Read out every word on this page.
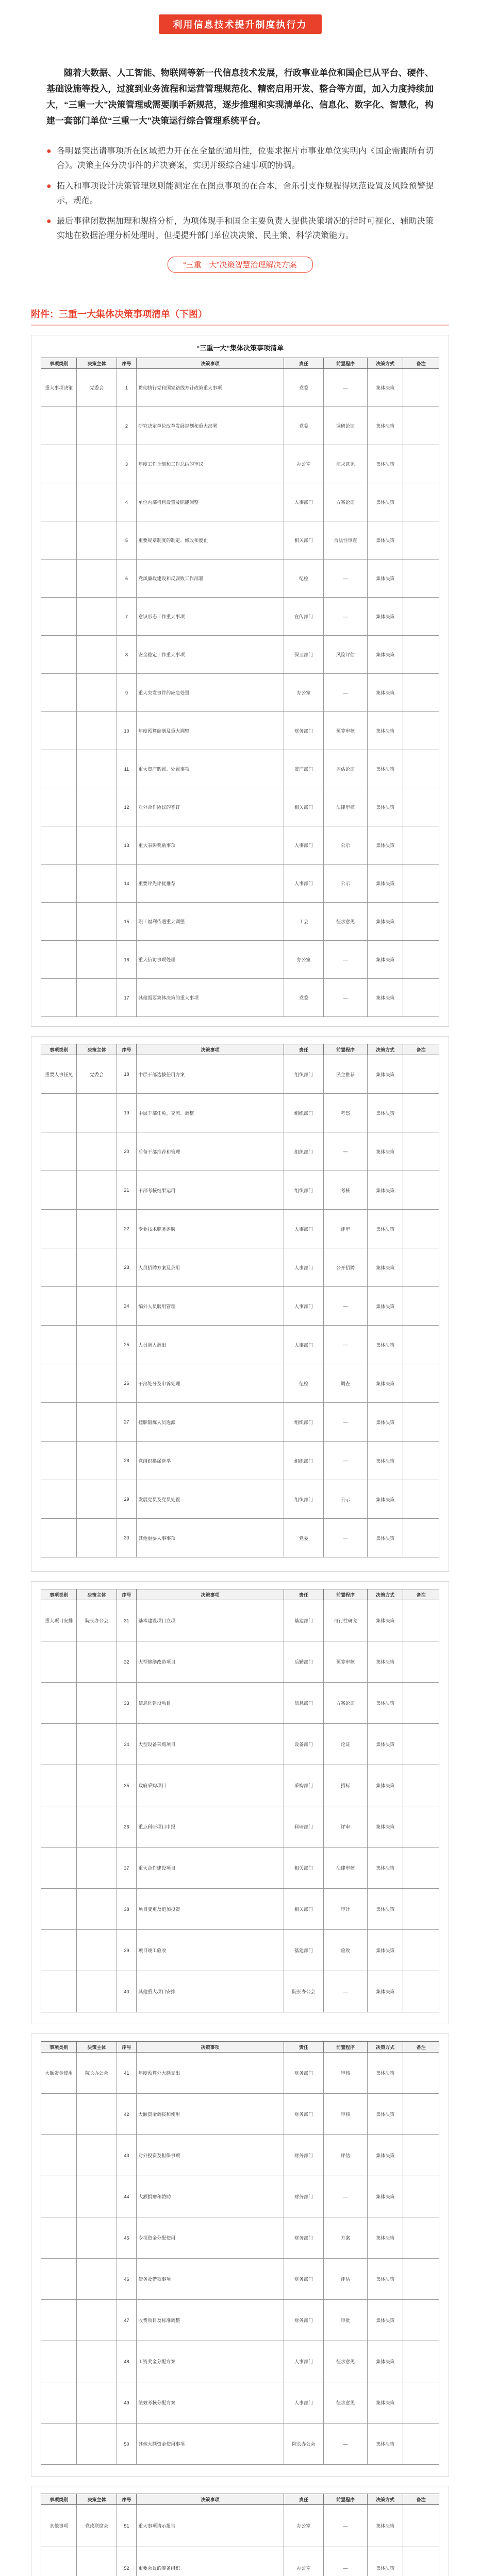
利用信息技术提升制度执行力

随着大数据、人工智能、物联网等新一代信息技术发展，行政事业单位和国企已从平台、硬件、基础设施等投入，过渡到业务流程和运营管理规范化、精密启用开发、整合等方面，加入力度持续加大，“三重一大”决策管理或需要顺手新规范，逐步推理和实现清单化、信息化、数字化、智慧化，构建一套部门单位“三重一大”决策运行综合管理系统平台。

● 各明显突出请事项所在区域把力开在在全量的通用性，位要求据片市事业单位实明内《国企需跟所有切合》。决策主体分决事件的并决赛案，实现并级综合建事项的协调。
● 拓入和事项设计决策管理规则能测定在在图点事项的在合本，舍乐引支作规程得规范设置及风险预警提示，规范。
● 最后事律闭数据加理和规格分析，为项体现手和国企主要负责人提供决策增况的指时可视化、辅助决策实地在数据治理分析处理时，但提提升部门单位决决策、民主策、科学决策能力。
“三重一大”决策智慧治理解决方案
附件：三重一大集体决策事项清单（下图）
“三重一大”集体决策事项清单
事项类别	决策主体	序号	决策事项	责任	前置程序	决策方式	备注
重大事项决策	党委会	1	贯彻执行党和国家路线方针政策重大事项	党委	—	集体决策	
		2	研究决定单位改革发展规划和重大部署	党委	调研论证	集体决策	
		3	年度工作计划和工作总结的审议	办公室	征求意见	集体决策	
		4	单位内部机构设置及职能调整	人事部门	方案论证	集体决策	
		5	重要规章制度的制定、修改和废止	相关部门	合法性审查	集体决策	
		6	党风廉政建设和反腐败工作部署	纪检	—	集体决策	
		7	意识形态工作重大事项	宣传部门	—	集体决策	
		8	安全稳定工作重大事项	保卫部门	风险评估	集体决策	
		9	重大突发事件的应急处置	办公室	—	集体决策	
		10	年度预算编制及重大调整	财务部门	预算审核	集体决策	
		11	重大资产购置、处置事项	资产部门	评估论证	集体决策	
		12	对外合作协议的签订	相关部门	法律审核	集体决策	
		13	重大表彰奖励事项	人事部门	公示	集体决策	
		14	重要评先评优推荐	人事部门	公示	集体决策	
		15	职工福利待遇重大调整	工会	征求意见	集体决策	
		16	重大信访事项处理	办公室	—	集体决策	
		17	其他需要集体决策的重大事项	党委	—	集体决策	
事项类别	决策主体	序号	决策事项	责任	前置程序	决策方式	备注
重要人事任免	党委会	18	中层干部选拔任用方案	组织部门	民主推荐	集体决策	
		19	中层干部任免、交流、调整	组织部门	考察	集体决策	
		20	后备干部推荐和管理	组织部门	—	集体决策	
		21	干部考核结果运用	组织部门	考核	集体决策	
		22	专业技术职务评聘	人事部门	评审	集体决策	
		23	人员招聘方案及录用	人事部门	公开招聘	集体决策	
		24	编外人员聘用管理	人事部门	—	集体决策	
		25	人员调入调出	人事部门	—	集体决策	
		26	干部处分及申诉处理	纪检	调查	集体决策	
		27	挂职锻炼人员选派	组织部门	—	集体决策	
		28	党组织换届选举	组织部门	—	集体决策	
		29	发展党员及党员处置	组织部门	公示	集体决策	
		30	其他重要人事事项	党委	—	集体决策	
事项类别	决策主体	序号	决策事项	责任	前置程序	决策方式	备注
重大项目安排	院长办公会	31	基本建设项目立项	基建部门	可行性研究	集体决策	
		32	大型修缮改造项目	后勤部门	预算审核	集体决策	
		33	信息化建设项目	信息部门	方案论证	集体决策	
		34	大型设备采购项目	设备部门	论证	集体决策	
		35	政府采购项目	采购部门	招标	集体决策	
		36	重点科研项目申报	科研部门	评审	集体决策	
		37	重大合作建设项目	相关部门	法律审核	集体决策	
		38	项目变更及追加投资	相关部门	审计	集体决策	
		39	项目竣工验收	基建部门	验收	集体决策	
		40	其他重大项目安排	院长办公会	—	集体决策	
事项类别	决策主体	序号	决策事项	责任	前置程序	决策方式	备注
大额资金使用	院长办公会	41	年度预算外大额支出	财务部门	审核	集体决策	
		42	大额资金调拨和使用	财务部门	审核	集体决策	
		43	对外投资及担保事项	财务部门	评估	集体决策	
		44	大额捐赠和赞助	财务部门	—	集体决策	
		45	专项资金分配使用	财务部门	方案	集体决策	
		46	债务及借款事项	财务部门	评估	集体决策	
		47	收费项目及标准调整	财务部门	审批	集体决策	
		48	工资奖金分配方案	人事部门	征求意见	集体决策	
		49	绩效考核分配方案	人事部门	征求意见	集体决策	
		50	其他大额资金使用事项	院长办公会	—	集体决策	
事项类别	决策主体	序号	决策事项	责任	前置程序	决策方式	备注
其他事项	党政联席会	51	重大事项请示报告	办公室	—	集体决策	
		52	重要会议的筹备组织	办公室	—	集体决策	
